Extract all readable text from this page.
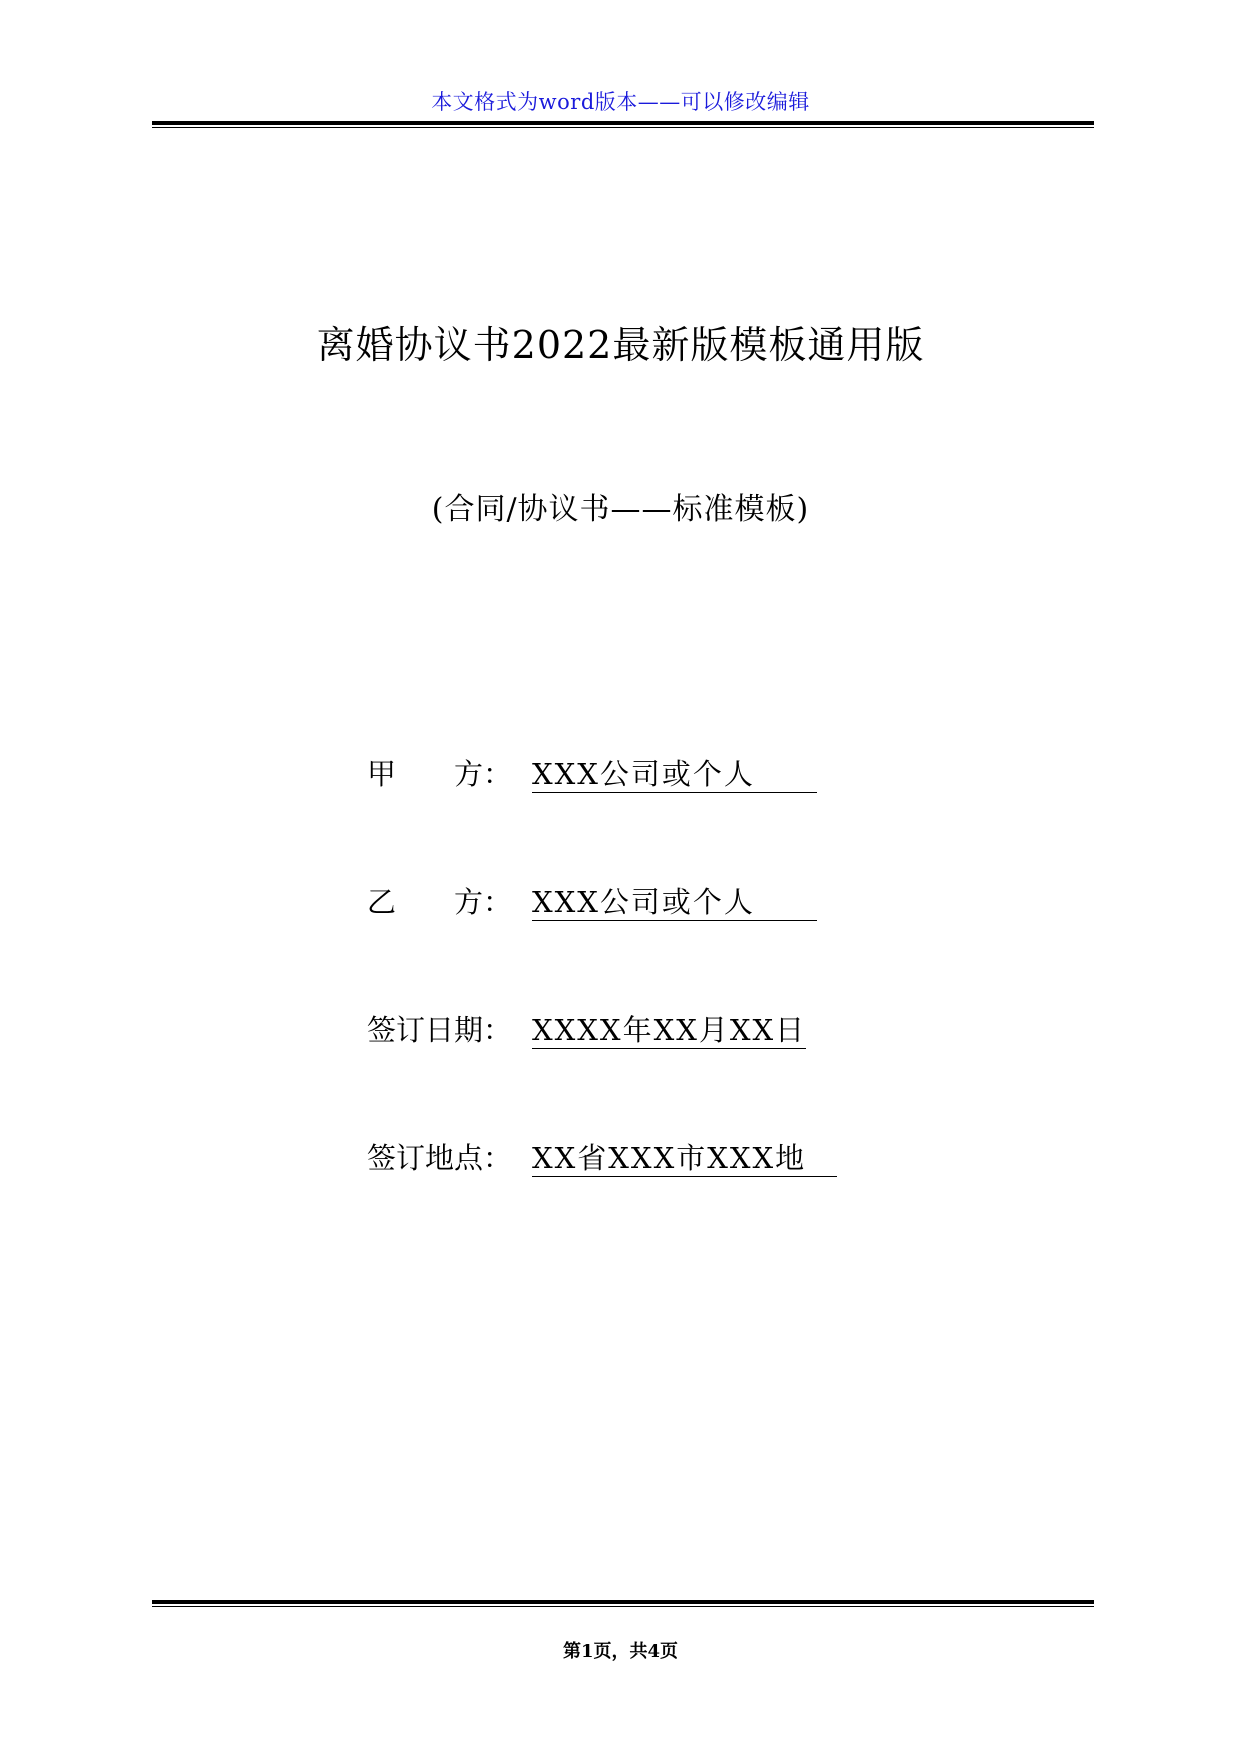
本文格式为word版本——可以修改编辑
离婚协议书2022最新版模板通用版
(合同/协议书——标准模板)
甲　　方： XXX公司或个人　　
乙　　方： XXX公司或个人　　
签订日期：XXXX年XX月XX日
签订地点： XX省XXX市XXX地　
第1页，共4页
